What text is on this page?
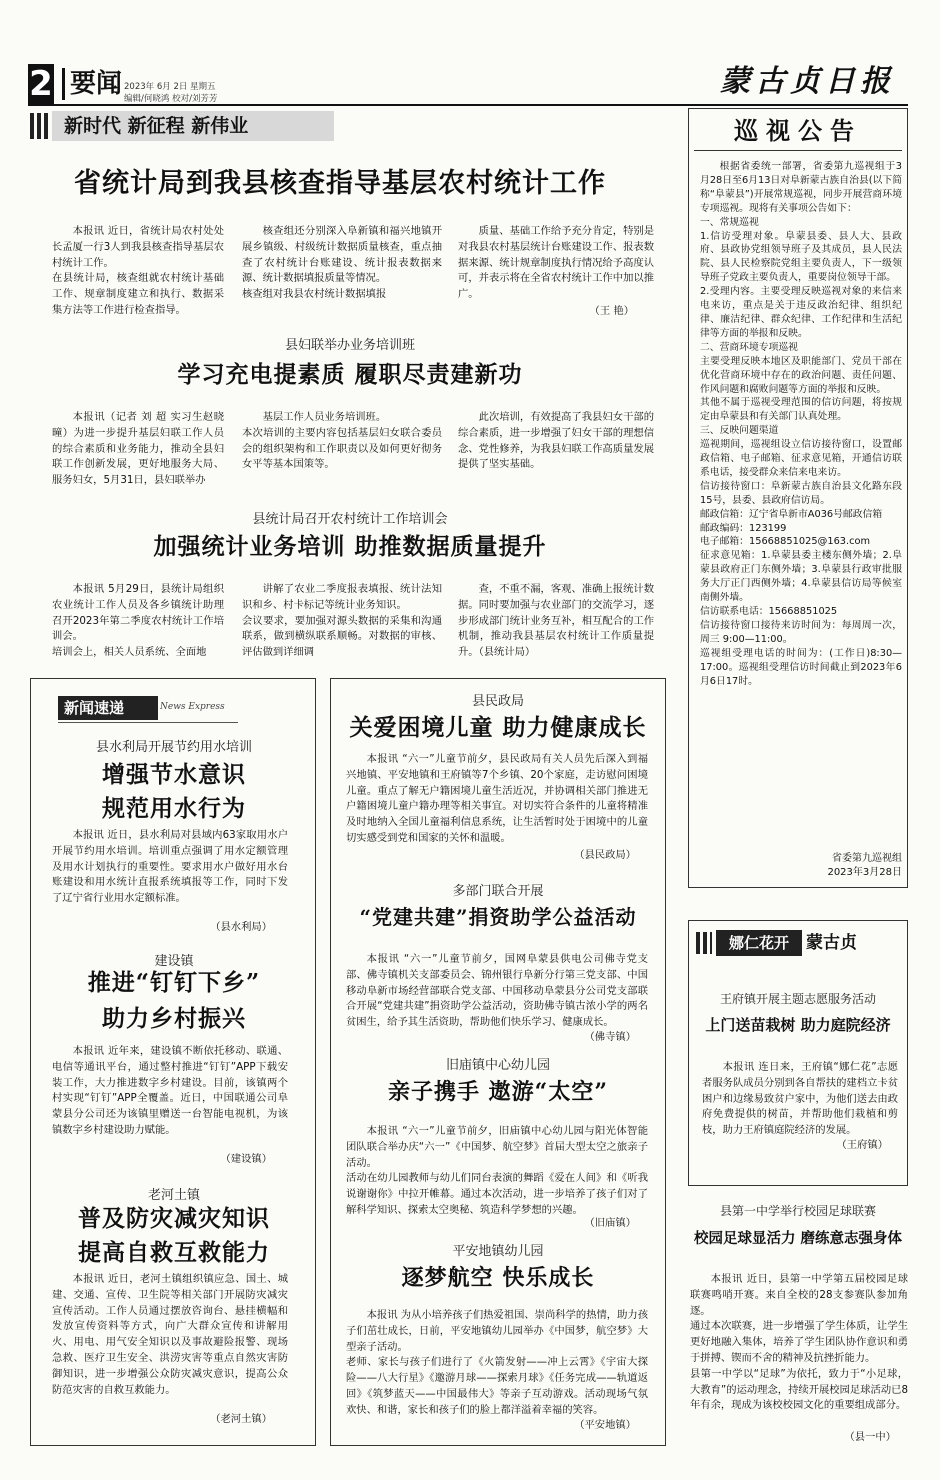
2 要闻 2023年 6月 2日 星期五
编辑/何晓鸿 校对/刘芳芳	蒙古贞日报
新时代 新征程 新伟业
省统计局到我县核查指导基层农村统计工作
本报讯 近日，省统计局农村处处长孟厦一行3人到我县核查指导基层农村统计工作。
在县统计局，核查组就农村统计基础工作、规章制度建立和执行、数据采集方法等工作进行检查指导。
核查组还分别深入阜新镇和福兴地镇开展乡镇级、村级统计数据质量核查，重点抽查了农村统计台账建设、统计报表数据来源、统计数据填报质量等情况。
核查组对我县农村统计数据填报
质量、基础工作给予充分肯定，特别是对我县农村基层统计台账建设工作、报表数据来源、统计规章制度执行情况给予高度认可，并表示将在全省农村统计工作中加以推广。
（王 艳）
县妇联举办业务培训班
学习充电提素质 履职尽责建新功
本报讯（记者 刘 超 实习生赵晓曈）为进一步提升基层妇联工作人员的综合素质和业务能力，推动全县妇联工作创新发展，更好地服务大局、服务妇女，5月31日，县妇联举办
基层工作人员业务培训班。
本次培训的主要内容包括基层妇女联合委员会的组织架构和工作职责以及如何更好彻务女平等基本国策等。
此次培训，有效提高了我县妇女干部的综合素质，进一步增强了妇女干部的理想信念、党性修养，为我县妇联工作高质量发展提供了坚实基础。
县统计局召开农村统计工作培训会
加强统计业务培训 助推数据质量提升
本报讯 5月29日，县统计局组织农业统计工作人员及各乡镇统计助理召开2023年第二季度农村统计工作培训会。
培训会上，相关人员系统、全面地
讲解了农业二季度报表填报、统计法知识和乡、村卡标记等统计业务知识。
会议要求，要加强对源头数据的采集和沟通联系，做到横纵联系顺畅。对数据的审核、评估做到详细调
查，不重不漏，客观、准确上报统计数据。同时要加强与农业部门的交流学习，逐步形成部门统计业务互补，相互配合的工作机制，推动我县基层农村统计工作质量提升。（县统计局）
新闻速递	News Express
县水利局开展节约用水培训
增强节水意识
规范用水行为
本报讯 近日，县水利局对县域内63家取用水户开展节约用水培训。培训重点强调了用水定额管理及用水计划执行的重要性。要求用水户做好用水台账建设和用水统计直报系统填报等工作，同时下发了辽宁省行业用水定额标准。
（县水利局）
建设镇
推进“钉钉下乡”
助力乡村振兴
本报讯 近年来，建设镇不断依托移动、联通、电信等通讯平台，通过整村推进“钉钉”APP下载安装工作，大力推进数字乡村建设。目前，该镇两个村实现“钉钉”APP全覆盖。近日，中国联通公司阜蒙县分公司还为该镇里赠送一台智能电视机，为该镇数字乡村建设助力赋能。
（建设镇）
老河土镇
普及防灾减灾知识
提高自救互救能力
本报讯 近日，老河土镇组织镇应急、国土、城建、交通、宣传、卫生院等相关部门开展防灾减灾宣传活动。工作人员通过摆放咨询台、悬挂横幅和发放宣传资料等方式，向广大群众宣传和讲解用火、用电、用气安全知识以及事故避险报警、现场急救、医疗卫生安全、洪涝灾害等重点自然灾害防御知识，进一步增强公众防灾减灾意识，提高公众防范灾害的自救互救能力。
（老河土镇）
县民政局
关爱困境儿童 助力健康成长
本报讯 “六一”儿童节前夕，县民政局有关人员先后深入到福兴地镇、平安地镇和王府镇等7个乡镇、20个家庭，走访慰问困境儿童。重点了解无户籍困境儿童生活近况，并协调相关部门推进无户籍困境儿童户籍办理等相关事宜。对切实符合条件的儿童将精准及时地纳入全国儿童福利信息系统，让生活暂时处于困境中的儿童切实感受到党和国家的关怀和温暖。
（县民政局）
多部门联合开展
“党建共建”捐资助学公益活动
本报讯 “六一”儿童节前夕，国网阜蒙县供电公司佛寺党支部、佛寺镇机关支部委员会、锦州银行阜新分行第三党支部、中国移动阜新市场经营部联合党支部、中国移动阜蒙县分公司党支部联合开展“党建共建”捐资助学公益活动，资助佛寺镇古浓小学的两名贫困生，给予其生活资助，帮助他们快乐学习、健康成长。
（佛寺镇）
旧庙镇中心幼儿园
亲子携手 遨游“太空”
本报讯 “六一”儿童节前夕，旧庙镇中心幼儿园与阳光体智能团队联合举办庆“六一”《中国梦、航空梦》首届大型太空之旅亲子活动。
活动在幼儿园教师与幼儿们同台表演的舞蹈《爱在人间》和《听我说谢谢你》中拉开帷幕。通过本次活动，进一步培养了孩子们对了解科学知识、探索太空奥秘、筑造科学梦想的兴趣。
（旧庙镇）
平安地镇幼儿园
逐梦航空 快乐成长
本报讯 为从小培养孩子们热爱祖国、崇尚科学的热情，助力孩子们茁壮成长，日前，平安地镇幼儿园举办《中国梦，航空梦》大型亲子活动。
老师、家长与孩子们进行了《火箭发射——冲上云霄》《宇宙大探险——八大行星》《邀游月球——探索月球》《任务完成——轨道返回》《筑梦蓝天——中国最伟大》等亲子互动游戏。活动现场气氛欢快、和谐，家长和孩子们的脸上都洋溢着幸福的笑容。
（平安地镇）
巡视公告
根据省委统一部署，省委第九巡视组于3月28日至6月13日对阜新蒙古族自治县(以下简称“阜蒙县”)开展常规巡视，同步开展营商环境专项巡视。现将有关事项公告如下：
一、常规巡视
1.信访受理对象。阜蒙县委、县人大、县政府、县政协党组领导班子及其成员，县人民法院、县人民检察院党组主要负责人，下一级领导班子党政主要负责人，重要岗位领导干部。
2.受理内容。主要受理反映巡视对象的来信来电来访，重点是关于违反政治纪律、组织纪律、廉洁纪律、群众纪律、工作纪律和生活纪律等方面的举报和反映。
二、营商环境专项巡视
主要受理反映本地区及职能部门、党员干部在优化营商环境中存在的政治问题、责任问题、作风问题和腐败问题等方面的举报和反映。
其他不属于巡视受理范围的信访问题，将按规定由阜蒙县和有关部门认真处理。
三、反映问题渠道
巡视期间，巡视组设立信访接待窗口，设置邮政信箱、电子邮箱、征求意见箱，开通信访联系电话，接受群众来信来电来访。
信访接待窗口：阜新蒙古族自治县文化路东段15号，县委、县政府信访局。
邮政信箱：辽宁省阜新市A036号邮政信箱
邮政编码：123199
电子邮箱：15668851025@163.com
征求意见箱：1.阜蒙县委主楼东侧外墙；2.阜蒙县政府正门东侧外墙；3.阜蒙县行政审批服务大厅正门西侧外墙；4.阜蒙县信访局等候室南侧外墙。
信访联系电话：15668851025
信访接待窗口接待来访时间为：每周周一次，周三 9:00—11:00。
巡视组受理电话的时间为：(工作日)8:30—17:00。巡视组受理信访时间截止到2023年6月6日17时。
省委第九巡视组
2023年3月28日
娜仁花开	蒙古贞
王府镇开展主题志愿服务活动
上门送苗栽树 助力庭院经济
本报讯 连日来，王府镇“娜仁花”志愿者服务队成员分别到各自帮扶的建档立卡贫困户和边缘易致贫户家中，为他们送去由政府免费提供的树苗，并帮助他们栽植和剪枝，助力王府镇庭院经济的发展。
（王府镇）
县第一中学举行校园足球联赛
校园足球显活力 磨练意志强身体
本报讯 近日，县第一中学第五届校园足球联赛鸣哨开赛。来自全校的28支参赛队参加角逐。
通过本次联赛，进一步增强了学生体质，让学生更好地融入集体，培养了学生团队协作意识和勇于拼搏、锲而不舍的精神及抗挫折能力。
县第一中学以“足球”为依托，致力于“小足球，大教育”的运动理念，持续开展校园足球活动已8年有余，现成为该校校园文化的重要组成部分。
（县一中）
